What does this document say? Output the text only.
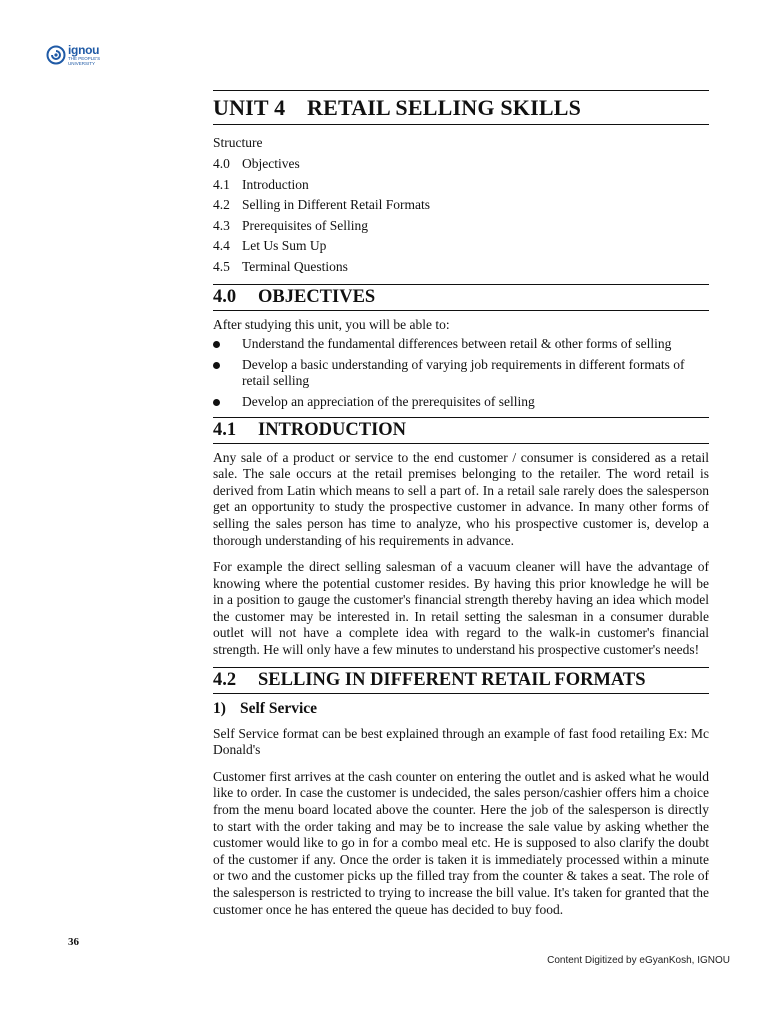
ignou
THE PEOPLE'S
UNIVERSITY
UNIT 4 RETAIL SELLING SKILLS
Structure
4.0 Objectives
4.1 Introduction
4.2 Selling in Different Retail Formats
4.3 Prerequisites of Selling
4.4 Let Us Sum Up
4.5 Terminal Questions
4.0	OBJECTIVES
After studying this unit, you will be able to:
Understand the fundamental differences between retail & other forms of selling
Develop a basic understanding of varying job requirements in different formats of retail selling
Develop an appreciation of the prerequisites of selling
4.1	INTRODUCTION

Any sale of a product or service to the end customer / consumer is considered as a retail sale. The sale occurs at the retail premises belonging to the retailer. The word retail is derived from Latin which means to sell a part of. In a retail sale rarely does the salesperson get an opportunity to study the prospective customer in advance. In many other forms of selling the sales person has time to analyze, who his prospective customer is, develop a thorough understanding of his requirements in advance.

For example the direct selling salesman of a vacuum cleaner will have the advantage of knowing where the potential customer resides. By having this prior knowledge he will be in a position to gauge the customer's financial strength thereby having an idea which model the customer may be interested in. In retail setting the salesman in a consumer durable outlet will not have a complete idea with regard to the walk-in customer's financial strength. He will only have a few minutes to understand his prospective customer's needs!

4.2	SELLING IN DIFFERENT RETAIL FORMATS
1) Self Service

Self Service format can be best explained through an example of fast food retailing Ex: Mc Donald's

Customer first arrives at the cash counter on entering the outlet and is asked what he would like to order. In case the customer is undecided, the sales person/cashier offers him a choice from the menu board located above the counter. Here the job of the salesperson is directly to start with the order taking and may be to increase the sale value by asking whether the customer would like to go in for a combo meal etc. He is supposed to also clarify the doubt of the customer if any. Once the order is taken it is immediately processed within a minute or two and the customer picks up the filled tray from the counter & takes a seat. The role of the salesperson is restricted to trying to increase the bill value. It's taken for granted that the customer once he has entered the queue has decided to buy food.

36
Content Digitized by eGyanKosh, IGNOU
